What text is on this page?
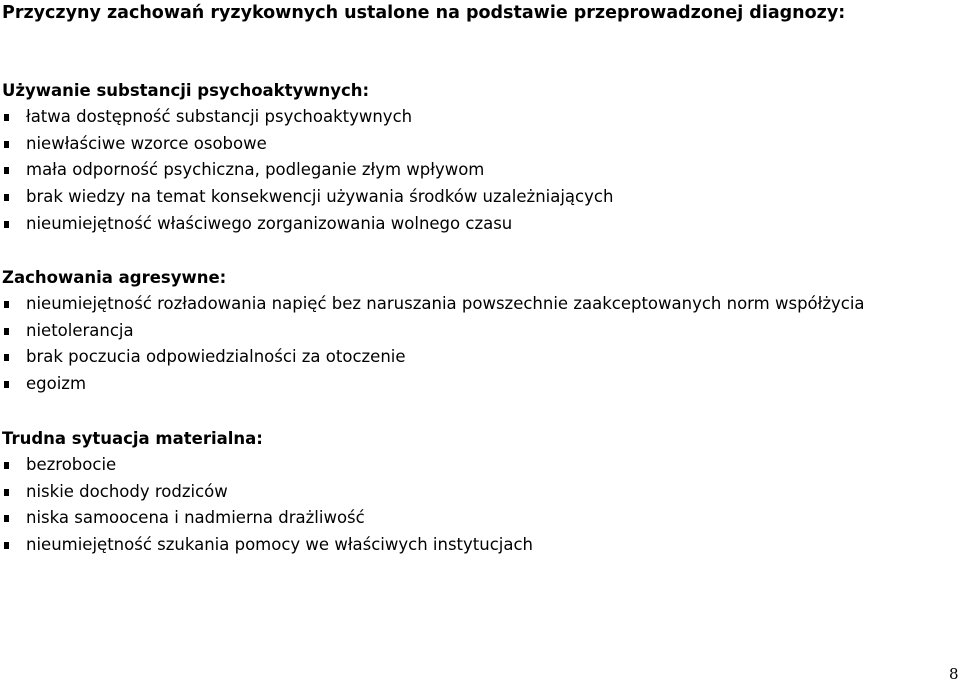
Przyczyny zachowań ryzykownych ustalone na podstawie przeprowadzonej diagnozy:
Używanie substancji psychoaktywnych:
łatwa dostępność substancji psychoaktywnych
niewłaściwe wzorce osobowe
mała odporność psychiczna, podleganie złym wpływom
brak wiedzy na temat konsekwencji używania środków uzależniających
nieumiejętność właściwego zorganizowania wolnego czasu
Zachowania agresywne:
nieumiejętność rozładowania napięć bez naruszania powszechnie zaakceptowanych norm współżycia
nietolerancja
brak poczucia odpowiedzialności za otoczenie
egoizm
Trudna sytuacja materialna:
bezrobocie
niskie dochody rodziców
niska samoocena i nadmierna drażliwość
nieumiejętność szukania pomocy we właściwych instytucjach
8
